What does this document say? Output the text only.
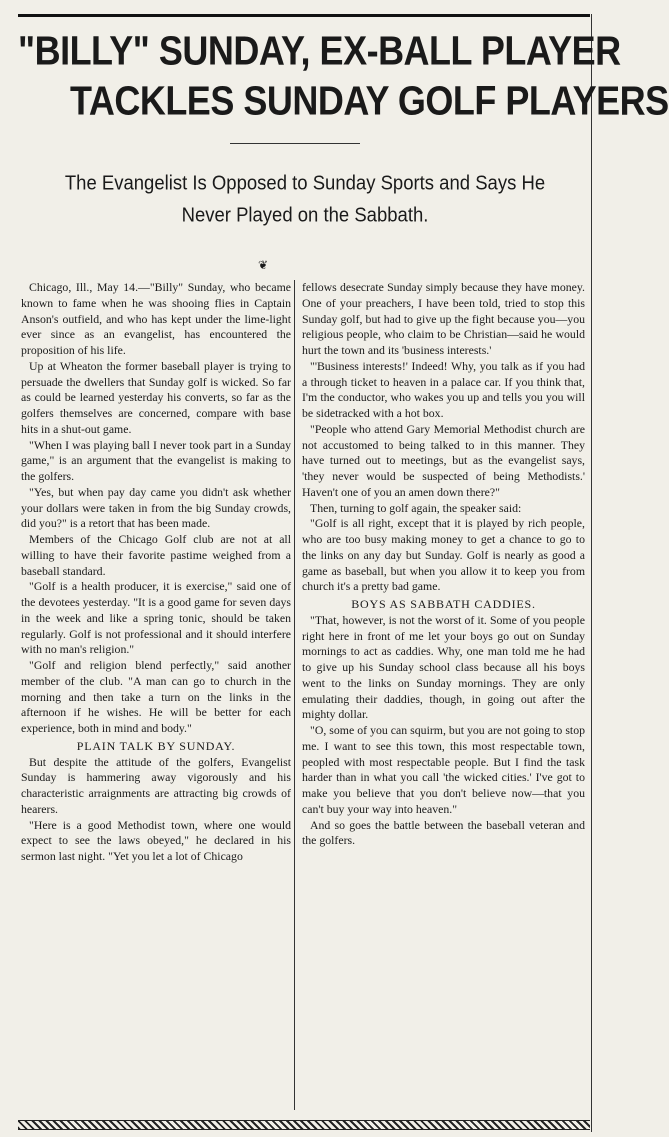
"BILLY" SUNDAY, EX-BALL PLAYER
TACKLES SUNDAY GOLF PLAYERS
The Evangelist Is Opposed to Sunday Sports and Says He
Never Played on the Sabbath.
❦

Chicago, Ill., May 14.—"Billy" Sunday, who became known to fame when he was shooing flies in Captain Anson's outfield, and who has kept under the lime-light ever since as an evangelist, has encountered the proposition of his life.

Up at Wheaton the former baseball player is trying to persuade the dwellers that Sunday golf is wicked. So far as could be learned yesterday his converts, so far as the golfers themselves are concerned, compare with base hits in a shut-out game.

"When I was playing ball I never took part in a Sunday game," is an argument that the evangelist is making to the golfers.

"Yes, but when pay day came you didn't ask whether your dollars were taken in from the big Sunday crowds, did you?" is a retort that has been made.

Members of the Chicago Golf club are not at all willing to have their favorite pastime weighed from a baseball standard.

"Golf is a health producer, it is exercise," said one of the devotees yesterday. "It is a good game for seven days in the week and like a spring tonic, should be taken regularly. Golf is not professional and it should interfere with no man's religion."

"Golf and religion blend perfectly," said another member of the club. "A man can go to church in the morning and then take a turn on the links in the afternoon if he wishes. He will be better for each experience, both in mind and body."

PLAIN TALK BY SUNDAY.

But despite the attitude of the golfers, Evangelist Sunday is hammering away vigorously and his characteristic arraignments are attracting big crowds of hearers.

"Here is a good Methodist town, where one would expect to see the laws obeyed," he declared in his sermon last night. "Yet you let a lot of Chicago

fellows desecrate Sunday simply because they have money. One of your preachers, I have been told, tried to stop this Sunday golf, but had to give up the fight because you—you religious people, who claim to be Christian—said he would hurt the town and its 'business interests.'

"'Business interests!' Indeed! Why, you talk as if you had a through ticket to heaven in a palace car. If you think that, I'm the conductor, who wakes you up and tells you you will be sidetracked with a hot box.

"People who attend Gary Memorial Methodist church are not accustomed to being talked to in this manner. They have turned out to meetings, but as the evangelist says, 'they never would be suspected of being Methodists.' Haven't one of you an amen down there?"

Then, turning to golf again, the speaker said:

"Golf is all right, except that it is played by rich people, who are too busy making money to get a chance to go to the links on any day but Sunday. Golf is nearly as good a game as baseball, but when you allow it to keep you from church it's a pretty bad game.

BOYS AS SABBATH CADDIES.

"That, however, is not the worst of it. Some of you people right here in front of me let your boys go out on Sunday mornings to act as caddies. Why, one man told me he had to give up his Sunday school class because all his boys went to the links on Sunday mornings. They are only emulating their daddies, though, in going out after the mighty dollar.

"O, some of you can squirm, but you are not going to stop me. I want to see this town, this most respectable town, peopled with most respectable people. But I find the task harder than in what you call 'the wicked cities.' I've got to make you believe that you don't believe now—that you can't buy your way into heaven."

And so goes the battle between the baseball veteran and the golfers.
